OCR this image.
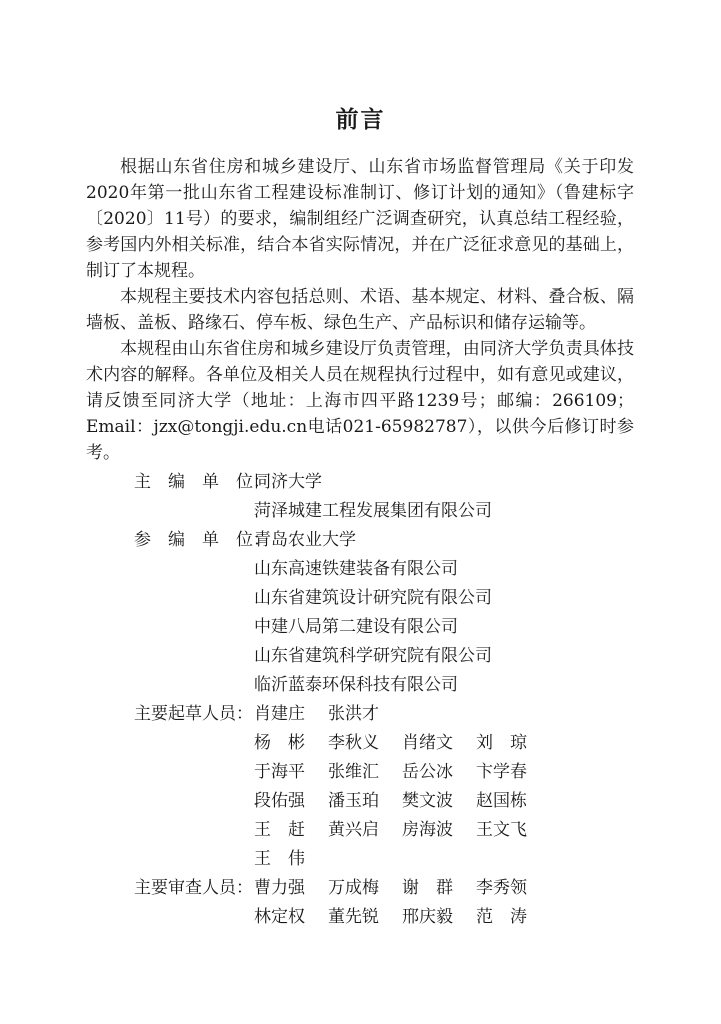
前言

根据山东省住房和城乡建设厅、山东省市场监督管理局《关于印发2020年第一批山东省工程建设标准制订、修订计划的通知》（鲁建标字〔2020〕11号）的要求，编制组经广泛调查研究，认真总结工程经验，参考国内外相关标准，结合本省实际情况，并在广泛征求意见的基础上，制订了本规程。

本规程主要技术内容包括总则、术语、基本规定、材料、叠合板、隔墙板、盖板、路缘石、停车板、绿色生产、产品标识和储存运输等。

本规程由山东省住房和城乡建设厅负责管理，由同济大学负责具体技术内容的解释。各单位及相关人员在规程执行过程中，如有意见或建议，请反馈至同济大学（地址：上海市四平路1239号；邮编：266109；Email：jzx@tongji.edu.cn电话021-65982787），以供今后修订时参考。

主　编　单　位：
同济大学
菏泽城建工程发展集团有限公司
参　编　单　位：
青岛农业大学
山东高速铁建装备有限公司
山东省建筑设计研究院有限公司
中建八局第二建设有限公司
山东省建筑科学研究院有限公司
临沂蓝泰环保科技有限公司
主要起草人员： 肖建庄 张洪才
杨　彬 李秋义 肖绪文 刘　琼
于海平 张维汇 岳公冰 卞学春
段佑强 潘玉珀 樊文波 赵国栋
王　赶 黄兴启 房海波 王文飞
王　伟
主要审查人员： 曹力强 万成梅 谢　群 李秀领
林定权 董先锐 邢庆毅 范　涛
